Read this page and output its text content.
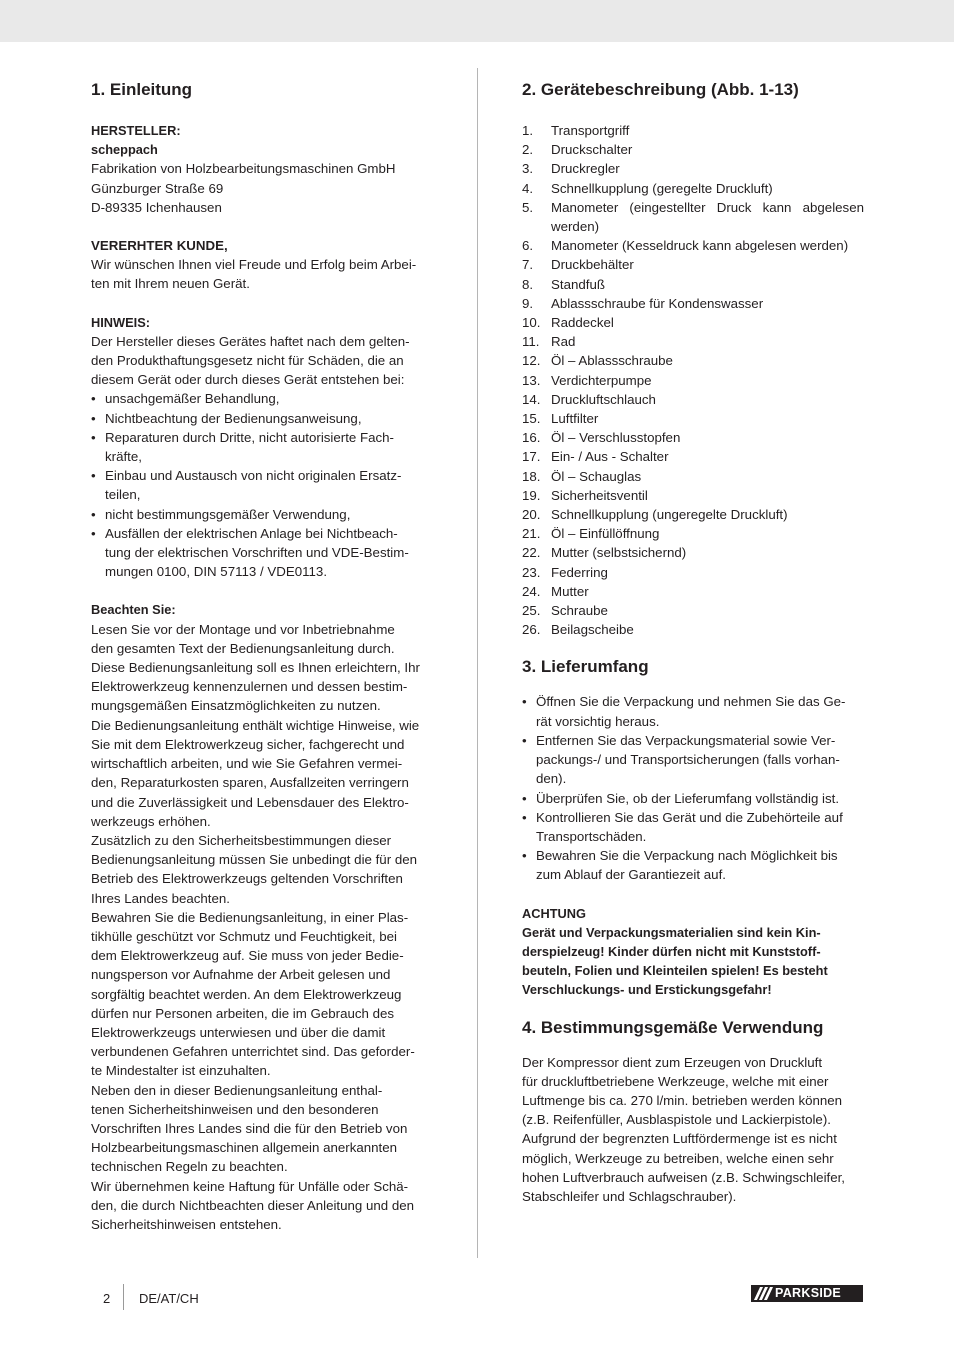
1. Einleitung
HERSTELLER:
scheppach
Fabrikation von Holzbearbeitungsmaschinen GmbH
Günzburger Straße 69
D-89335 Ichenhausen
VERERHTER KUNDE,
Wir wünschen Ihnen viel Freude und Erfolg beim Arbei-
ten mit Ihrem neuen Gerät.
HINWEIS:
Der Hersteller dieses Gerätes haftet nach dem gelten-
den Produkthaftungsgesetz nicht für Schäden, die an
diesem Gerät oder durch dieses Gerät entstehen bei:
• unsachgemäßer Behandlung,
• Nichtbeachtung der Bedienungsanweisung,
• Reparaturen durch Dritte, nicht autorisierte Fach-
kräfte,
• Einbau und Austausch von nicht originalen Ersatz-
teilen,
• nicht bestimmungsgemäßer Verwendung,
• Ausfällen der elektrischen Anlage bei Nichtbeach-
tung der elektrischen Vorschriften und VDE-Bestim-
mungen 0100, DIN 57113 / VDE0113.
Beachten Sie:
Lesen Sie vor der Montage und vor Inbetriebnahme
den gesamten Text der Bedienungsanleitung durch.
Diese Bedienungsanleitung soll es Ihnen erleichtern, Ihr
Elektrowerkzeug kennenzulernen und dessen bestim-
mungsgemäßen Einsatzmöglichkeiten zu nutzen.
Die Bedienungsanleitung enthält wichtige Hinweise, wie
Sie mit dem Elektrowerkzeug sicher, fachgerecht und
wirtschaftlich arbeiten, und wie Sie Gefahren vermei-
den, Reparaturkosten sparen, Ausfallzeiten verringern
und die Zuverlässigkeit und Lebensdauer des Elektro-
werkzeugs erhöhen.
Zusätzlich zu den Sicherheitsbestimmungen dieser
Bedienungsanleitung müssen Sie unbedingt die für den
Betrieb des Elektrowerkzeugs geltenden Vorschriften
Ihres Landes beachten.
Bewahren Sie die Bedienungsanleitung, in einer Plas-
tikhülle geschützt vor Schmutz und Feuchtigkeit, bei
dem Elektrowerkzeug auf. Sie muss von jeder Bedie-
nungsperson vor Aufnahme der Arbeit gelesen und
sorgfältig beachtet werden. An dem Elektrowerkzeug
dürfen nur Personen arbeiten, die im Gebrauch des
Elektrowerkzeugs unterwiesen und über die damit
verbundenen Gefahren unterrichtet sind. Das geforder-
te Mindestalter ist einzuhalten.
Neben den in dieser Bedienungsanleitung enthal-
tenen Sicherheitshinweisen und den besonderen
Vorschriften Ihres Landes sind die für den Betrieb von
Holzbearbeitungsmaschinen allgemein anerkannten
technischen Regeln zu beachten.
Wir übernehmen keine Haftung für Unfälle oder Schä-
den, die durch Nichtbeachten dieser Anleitung und den
Sicherheitshinweisen entstehen.
2. Gerätebeschreibung (Abb. 1-13)
1.	Transportgriff
2.	Druckschalter
3.	Druckregler
4.	Schnellkupplung (geregelte Druckluft)
5.	Manometer (eingestellter Druck kann abgelesen werden)
6.	Manometer (Kesseldruck kann abgelesen werden)
7.	Druckbehälter
8.	Standfuß
9.	Ablassschraube für Kondenswasser
10. Raddeckel
11. Rad
12. Öl – Ablassschraube
13. Verdichterpumpe
14. Druckluftschlauch
15. Luftfilter
16. Öl – Verschlusstopfen
17. Ein- / Aus - Schalter
18. Öl – Schauglas
19. Sicherheitsventil
20. Schnellkupplung (ungeregelte Druckluft)
21. Öl – Einfüllöffnung
22. Mutter (selbstsichernd)
23. Federring
24. Mutter
25. Schraube
26. Beilagscheibe
3. Lieferumfang
• Öffnen Sie die Verpackung und nehmen Sie das Ge-
rät vorsichtig heraus.
• Entfernen Sie das Verpackungsmaterial sowie Ver-
packungs-/ und Transportsicherungen (falls vorhan-
den).
• Überprüfen Sie, ob der Lieferumfang vollständig ist.
• Kontrollieren Sie das Gerät und die Zubehörteile auf
Transportschäden.
• Bewahren Sie die Verpackung nach Möglichkeit bis
zum Ablauf der Garantiezeit auf.
ACHTUNG
Gerät und Verpackungsmaterialien sind kein Kin-
derspielzeug! Kinder dürfen nicht mit Kunststoff-
beuteln, Folien und Kleinteilen spielen! Es besteht
Verschluckungs- und Erstickungsgefahr!
4. Bestimmungsgemäße Verwendung
Der Kompressor dient zum Erzeugen von Druckluft
für druckluftbetriebene Werkzeuge, welche mit einer
Luftmenge bis ca. 270 l/min. betrieben werden können
(z.B. Reifenfüller, Ausblaspistole und Lackierpistole).
Aufgrund der begrenzten Luftfördermenge ist es nicht
möglich, Werkzeuge zu betreiben, welche einen sehr
hohen Luftverbrauch aufweisen (z.B. Schwingschleifer,
Stabschleifer und Schlagschrauber).
2 DE/AT/CH	PARKSIDE
